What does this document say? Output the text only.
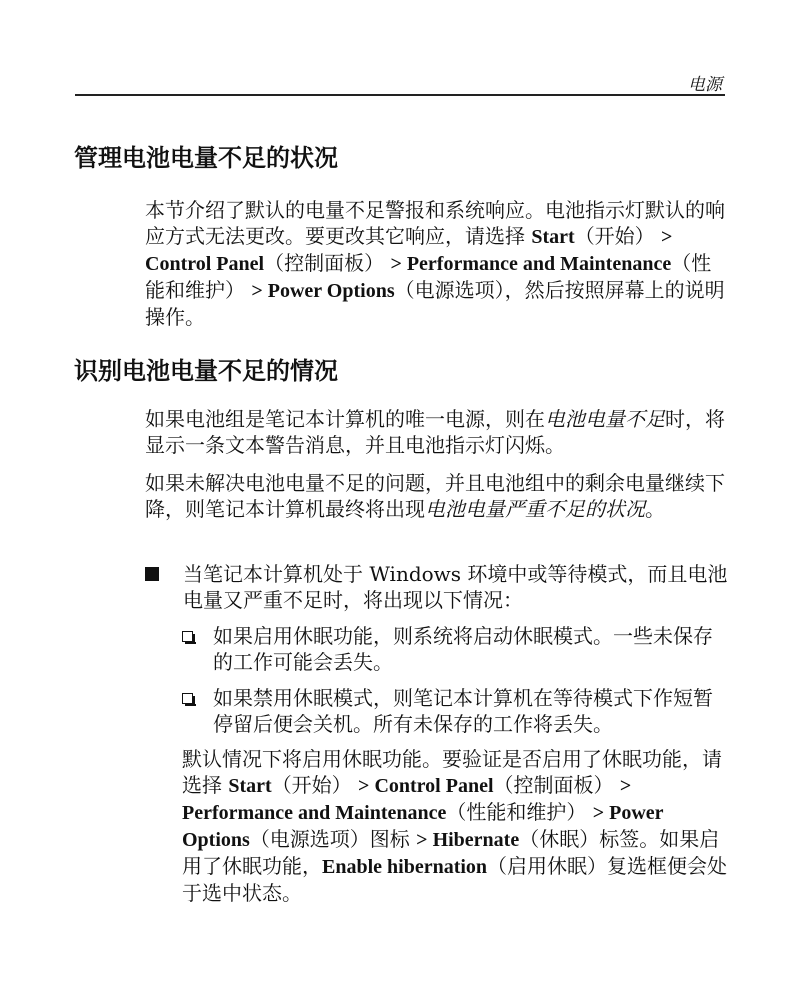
电源
管理电池电量不足的状况

本节介绍了默认的电量不足警报和系统响应。电池指示灯默认的响应方式无法更改。要更改其它响应，请选择 Start（开始） > Control Panel（控制面板） > Performance and Maintenance（性能和维护） > Power Options（电源选项），然后按照屏幕上的说明操作。

识别电池电量不足的情况

如果电池组是笔记本计算机的唯一电源，则在电池电量不足时，将显示一条文本警告消息，并且电池指示灯闪烁。

如果未解决电池电量不足的问题，并且电池组中的剩余电量继续下降，则笔记本计算机最终将出现电池电量严重不足的状况。

当笔记本计算机处于 Windows 环境中或等待模式，而且电池电量又严重不足时，将出现以下情况：
如果启用休眠功能，则系统将启动休眠模式。一些未保存的工作可能会丢失。
如果禁用休眠模式，则笔记本计算机在等待模式下作短暂停留后便会关机。所有未保存的工作将丢失。

默认情况下将启用休眠功能。要验证是否启用了休眠功能，请选择 Start（开始） > Control Panel（控制面板） > Performance and Maintenance（性能和维护） > Power Options（电源选项）图标 > Hibernate（休眠）标签。如果启用了休眠功能，Enable hibernation（启用休眠）复选框便会处于选中状态。
